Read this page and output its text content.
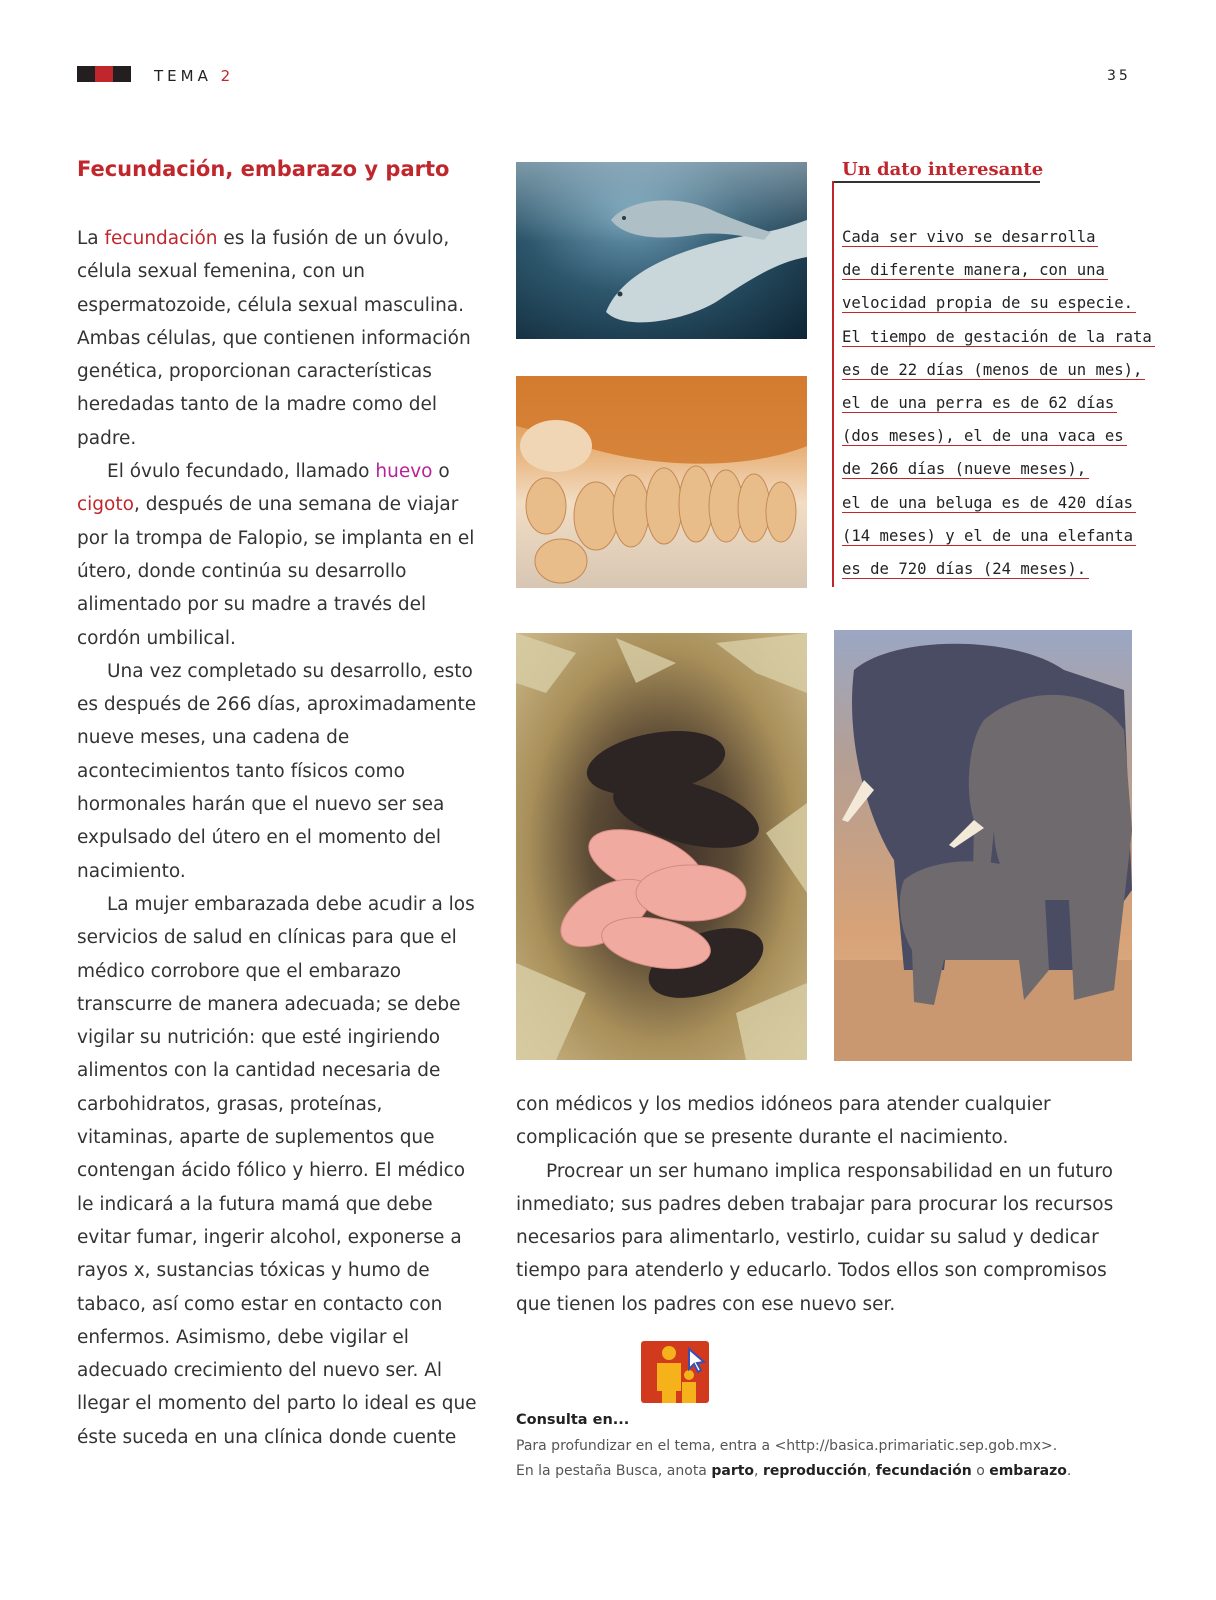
TEMA 2	35
Fecundación, embarazo y parto

La fecundación es la fusión de un óvulo, célula sexual femenina, con un espermatozoide, célula sexual masculina. Ambas células, que contienen información genética, proporcionan características heredadas tanto de la madre como del padre.

El óvulo fecundado, llamado huevo o cigoto, después de una semana de viajar por la trompa de Falopio, se implanta en el útero, donde continúa su desarrollo alimentado por su madre a través del cordón umbilical.

Una vez completado su desarrollo, esto es después de 266 días, aproximadamente nueve meses, una cadena de acontecimientos tanto físicos como hormonales harán que el nuevo ser sea expulsado del útero en el momento del nacimiento.

La mujer embarazada debe acudir a los servicios de salud en clínicas para que el médico corrobore que el embarazo transcurre de manera adecuada; se debe vigilar su nutrición: que esté ingiriendo alimentos con la cantidad necesaria de carbohidratos, grasas, proteínas, vitaminas, aparte de suplementos que contengan ácido fólico y hierro. El médico le indicará a la futura mamá que debe evitar fumar, ingerir alcohol, exponerse a rayos x, sustancias tóxicas y humo de tabaco, así como estar en contacto con enfermos. Asimismo, debe vigilar el adecuado crecimiento del nuevo ser. Al llegar el momento del parto lo ideal es que éste suceda en una clínica donde cuente

Un dato interesante
Cada ser vivo se desarrolla
de diferente manera, con una
velocidad propia de su especie.
El tiempo de gestación de la rata
es de 22 días (menos de un mes),
el de una perra es de 62 días
(dos meses), el de una vaca es
de 266 días (nueve meses),
el de una beluga es de 420 días
(14 meses) y el de una elefanta
es de 720 días (24 meses).

con médicos y los medios idóneos para atender cualquier complicación que se presente durante el nacimiento.

Procrear un ser humano implica responsabilidad en un futuro inmediato; sus padres deben trabajar para procurar los recursos necesarios para alimentarlo, vestirlo, cuidar su salud y dedicar tiempo para atenderlo y educarlo. Todos ellos son compromisos que tienen los padres con ese nuevo ser.

Consulta en...

Para profundizar en el tema, entra a <http://basica.primariatic.sep.gob.mx>.

En la pestaña Busca, anota parto, reproducción, fecundación o embarazo.
